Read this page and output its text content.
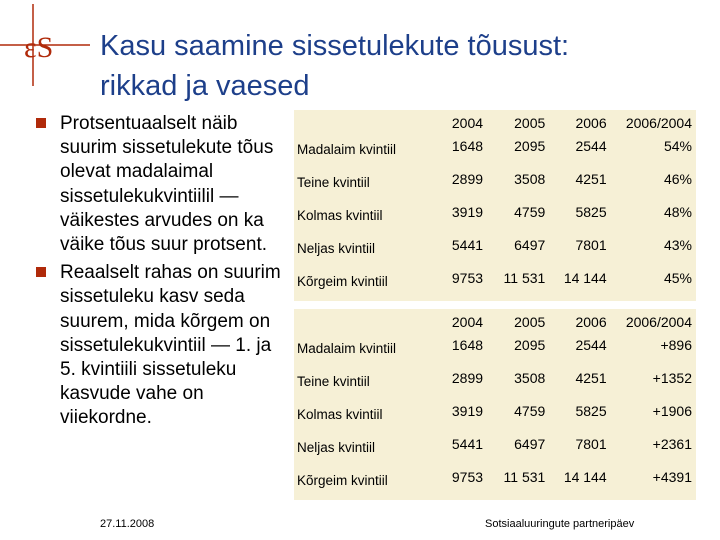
εS Kasu saamine sissetulekute tõusust:
rikkad ja vaesed
Protsentuaalselt näib suurim sissetulekute tõus olevat madalaimal sissetulekukvintiilil — väikestes arvudes on ka väike tõus suur protsent.
Reaalselt rahas on suurim sissetuleku kasv seda suurem, mida kõrgem on sissetulekukvintiil — 1. ja 5. kvintiili sissetuleku kasvude vahe on viiekordne.
	2004	2005	2006	2006/2004
Madalaim kvintiil	1648	2095	2544	54%
Teine kvintiil	2899	3508	4251	46%
Kolmas kvintiil	3919	4759	5825	48%
Neljas kvintiil	5441	6497	7801	43%
Kõrgeim kvintiil	9753	11 531	14 144	45%
	2004	2005	2006	2006/2004
Madalaim kvintiil	1648	2095	2544	+896
Teine kvintiil	2899	3508	4251	+1352
Kolmas kvintiil	3919	4759	5825	+1906
Neljas kvintiil	5441	6497	7801	+2361
Kõrgeim kvintiil	9753	11 531	14 144	+4391
27.11.2008	Sotsiaaluuringute partneripäev
